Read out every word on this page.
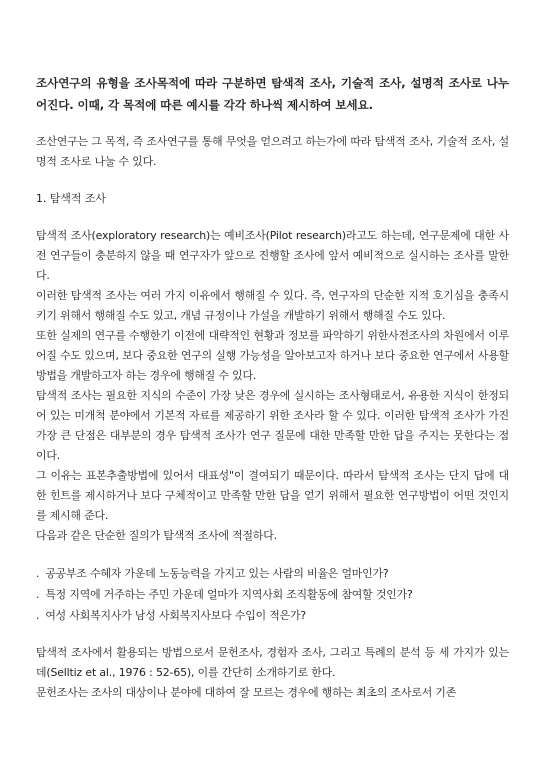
조사연구의 유형을 조사목적에 따라 구분하면 탐색적 조사, 기술적 조사, 설명적 조사로 나누어진다. 이때, 각 목적에 따른 예시를 각각 하나씩 제시하여 보세요.

조산연구는 그 목적, 즉 조사연구를 통해 무엇을 얻으려고 하는가에 따라 탐색적 조사, 기술적 조사, 설명적 조사로 나눌 수 있다.

1. 탐색적 조사

탐색적 조사(exploratory research)는 예비조사(Pilot research)라고도 하는데, 연구문제에 대한 사전 연구들이 충분하지 않을 때 연구자가 앞으로 진행할 조사에 앞서 예비적으로 실시하는 조사를 말한다.

이러한 탐색적 조사는 여러 가지 이유에서 행해질 수 있다. 즉, 연구자의 단순한 지적 호기심을 충족시키기 위해서 행해질 수도 있고, 개념 규정이나 가설을 개발하기 위해서 행해질 수도 있다.

또한 실제의 연구를 수행한기 이전에 대략적인 현황과 정보를 파악하기 위한사전조사의 차원에서 이루어질 수도 있으며, 보다 중요한 연구의 실행 가능성을 알아보고자 하거나 보다 중요한 연구에서 사용할 방법을 개발하고자 하는 경우에 행해질 수 있다.

탐색적 조사는 필요한 지식의 수준이 가장 낮은 경우에 실시하는 조사형태로서, 유용한 지식이 한정되어 있는 미개척 분야에서 기본적 자료를 제공하기 위한 조사라 할 수 있다. 이러한 탐색적 조사가 가진 가장 큰 단점은 대부분의 경우 탐색적 조사가 연구 질문에 대한 만족할 만한 답을 주지는 못한다는 점이다.

그 이유는 표본추출방법에 있어서 대표성"이 결여되기 때문이다. 따라서 탐색적 조사는 단지 답에 대한 힌트를 제시하거나 보다 구체적이고 만족할 만한 답을 얻기 위해서 필요한 연구방법이 어떤 것인지를 제시해 준다.

다음과 같은 단순한 질의가 탐색적 조사에 적절하다.

. 공공부조 수혜자 가운데 노동능력을 가지고 있는 사람의 비율은 얼마인가?
. 특정 지역에 거주하는 주민 가운데 얼마가 지역사회 조직활동에 참여할 것인가?
. 여성 사회복지사가 남성 사회복지사보다 수입이 적은가?

탐색적 조사에서 활용되는 방법으로서 문헌조사, 경험자 조사, 그리고 특례의 분석 등 세 가지가 있는데(Selltiz et al., 1976 : 52-65), 이를 간단히 소개하기로 한다.

문헌조사는 조사의 대상이나 분야에 대하여 잘 모르는 경우에 행하는 최초의 조사로서 기존
